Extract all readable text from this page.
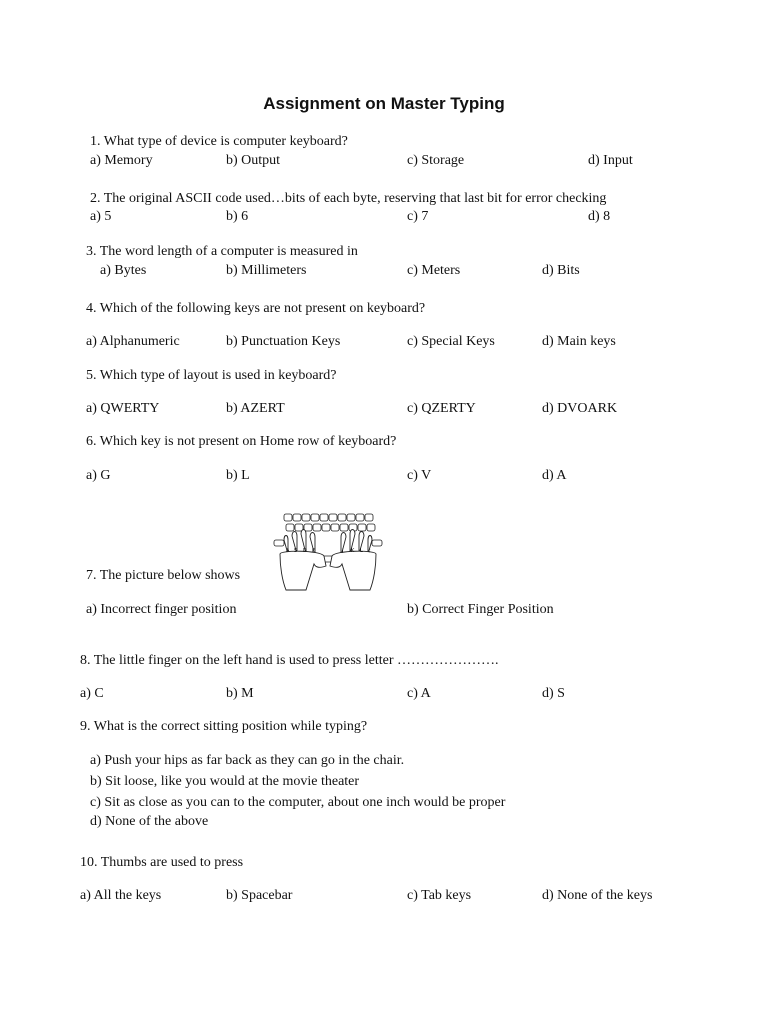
Assignment on Master Typing
1. What type of device is computer keyboard?
a) Memory	b) Output	c) Storage	d) Input
2. The original ASCII code used…bits of each byte, reserving that last bit for error checking
a) 5	b) 6	c) 7	d) 8
3. The word length of a computer is measured in
a) Bytes	b) Millimeters	c) Meters	d) Bits
4. Which of the following keys are not present on keyboard?
a) Alphanumeric	b) Punctuation Keys	c) Special Keys	d) Main keys
5. Which type of layout is used in keyboard?
a) QWERTY	b) AZERT	c) QZERTY	d) DVOARK
6. Which key is not present on Home row of keyboard?
a) G	b) L	c) V	d) A
A S D F	J K L ;
7. The picture below shows
a) Incorrect finger position	b) Correct Finger Position
8. The little finger on the left hand is used to press letter ………………….
a) C	b) M	c) A	d) S
9. What is the correct sitting position while typing?
a) Push your hips as far back as they can go in the chair.
b) Sit loose, like you would at the movie theater
c) Sit as close as you can to the computer, about one inch would be proper
d) None of the above
10. Thumbs are used to press
a) All the keys	b) Spacebar	c) Tab keys	d) None of the keys
